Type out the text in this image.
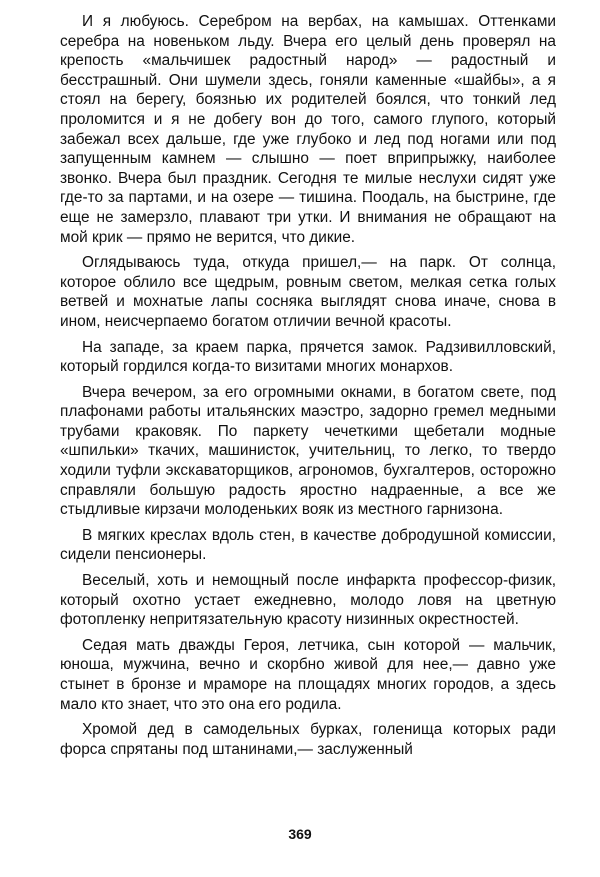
И я любуюсь. Серебром на вербах, на камышах. Оттенками серебра на новеньком льду. Вчера его целый день проверял на крепость «мальчишек радостный народ» — радостный и бесстрашный. Они шумели здесь, гоняли каменные «шайбы», а я стоял на берегу, боязнью их родителей боялся, что тонкий лед проломится и я не добегу вон до того, самого глупого, который забежал всех дальше, где уже глубоко и лед под ногами или под запущенным камнем — слышно — поет вприпрыжку, наиболее звонко. Вчера был праздник. Сегодня те милые неслухи сидят уже где-то за партами, и на озере — тишина. Поодаль, на быстрине, где еще не замерзло, плавают три утки. И внимания не обращают на мой крик — прямо не верится, что дикие.

Оглядываюсь туда, откуда пришел,— на парк. От солнца, которое облило все щедрым, ровным светом, мелкая сетка голых ветвей и мохнатые лапы сосняка выглядят снова иначе, снова в ином, неисчерпаемо богатом отличии вечной красоты.

На западе, за краем парка, прячется замок. Радзивилловский, который гордился когда-то визитами многих монархов.

Вчера вечером, за его огромными окнами, в богатом свете, под плафонами работы итальянских маэстро, задорно гремел медными трубами краковяк. По паркету чечеткими щебетали модные «шпильки» ткачих, машинисток, учительниц, то легко, то твердо ходили туфли экскаваторщиков, агрономов, бухгалтеров, осторожно справляли большую радость яростно надраенные, а все же стыдливые кирзачи молоденьких вояк из местного гарнизона.

В мягких креслах вдоль стен, в качестве добродушной комиссии, сидели пенсионеры.

Веселый, хоть и немощный после инфаркта профессор-физик, который охотно устает ежедневно, молодо ловя на цветную фотопленку непритязательную красоту низинных окрестностей.

Седая мать дважды Героя, летчика, сын которой — мальчик, юноша, мужчина, вечно и скорбно живой для нее,— давно уже стынет в бронзе и мраморе на площадях многих городов, а здесь мало кто знает, что это она его родила.

Хромой дед в самодельных бурках, голенища которых ради форса спрятаны под штанинами,— заслуженный

369
